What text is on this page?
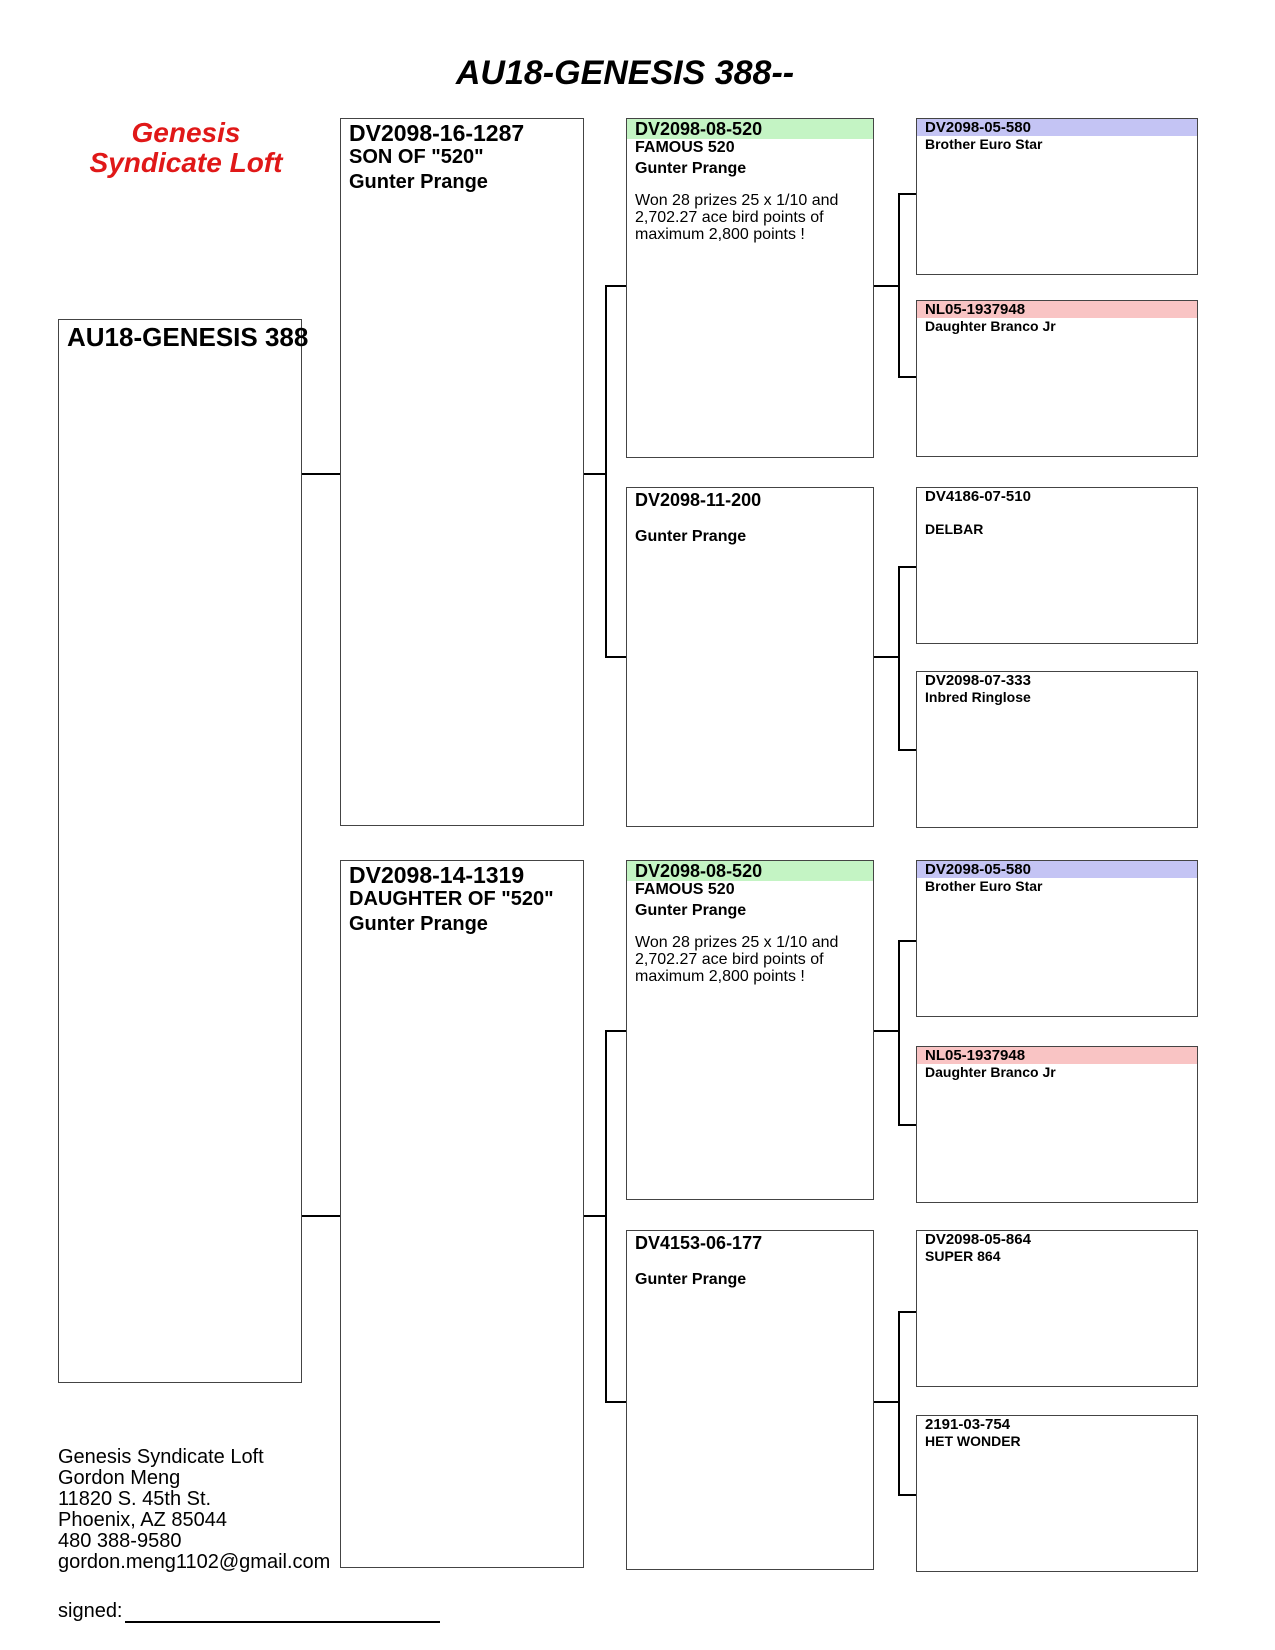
AU18-GENESIS 388--
Genesis
Syndicate Loft
AU18-GENESIS 388
DV2098-16-1287
SON OF "520"
Gunter Prange
DV2098-14-1319
DAUGHTER OF "520"
Gunter Prange
DV2098-08-520
FAMOUS 520
Gunter Prange
Won 28 prizes 25 x 1/10 and 2,702.27 ace bird points of maximum 2,800 points !
DV2098-11-200
Gunter Prange
DV2098-08-520
FAMOUS 520
Gunter Prange
Won 28 prizes 25 x 1/10 and 2,702.27 ace bird points of maximum 2,800 points !
DV4153-06-177
Gunter Prange
DV2098-05-580
Brother Euro Star
NL05-1937948
Daughter Branco Jr
DV4186-07-510
DELBAR
DV2098-07-333
Inbred Ringlose
DV2098-05-580
Brother Euro Star
NL05-1937948
Daughter Branco Jr
DV2098-05-864
SUPER 864
2191-03-754
HET WONDER
Genesis Syndicate Loft
Gordon Meng
11820 S. 45th St.
Phoenix, AZ 85044
480 388-9580
gordon.meng1102@gmail.com
signed:
